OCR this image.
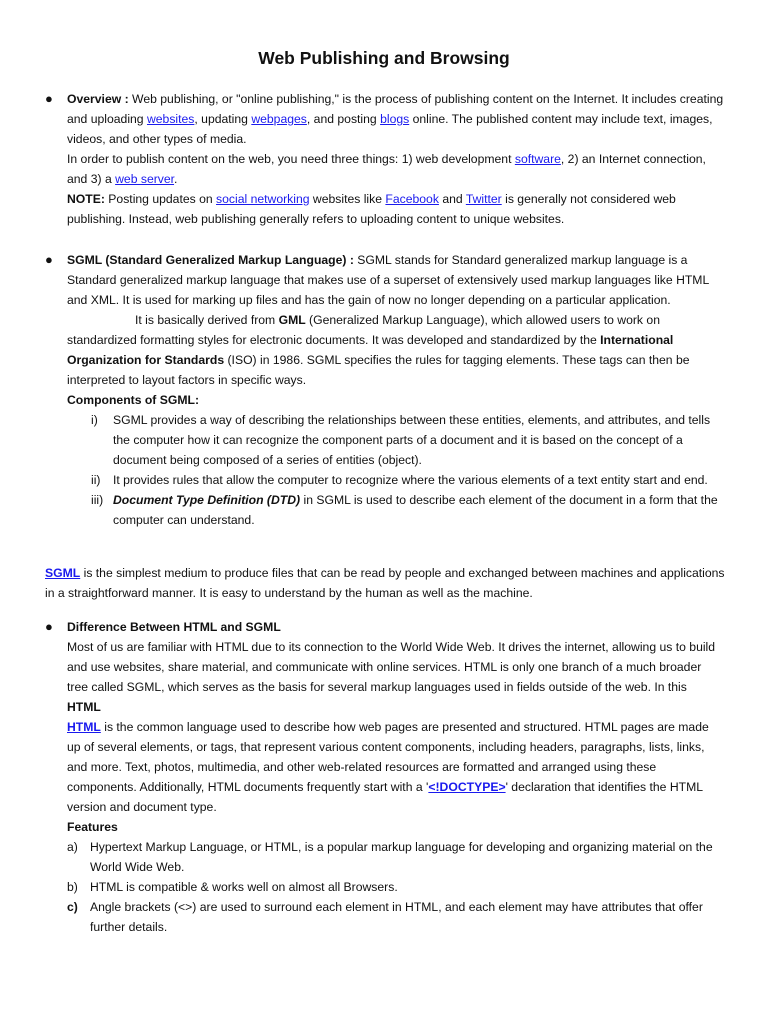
Web Publishing and Browsing
● Overview : Web publishing, or "online publishing," is the process of publishing content on the Internet. It includes creating and uploading websites, updating webpages, and posting blogs online. The published content may include text, images, videos, and other types of media.
In order to publish content on the web, you need three things: 1) web development software, 2) an Internet connection, and 3) a web server.
NOTE: Posting updates on social networking websites like Facebook and Twitter is generally not considered web publishing. Instead, web publishing generally refers to uploading content to unique websites.
● SGML (Standard Generalized Markup Language) : SGML stands for Standard generalized markup language is a Standard generalized markup language that makes use of a superset of extensively used markup languages like HTML and XML. It is used for marking up files and has the gain of now no longer depending on a particular application.
It is basically derived from GML (Generalized Markup Language), which allowed users to work on standardized formatting styles for electronic documents. It was developed and standardized by the International Organization for Standards (ISO) in 1986. SGML specifies the rules for tagging elements. These tags can then be interpreted to layout factors in specific ways.
Components of SGML:
i) SGML provides a way of describing the relationships between these entities, elements, and attributes, and tells the computer how it can recognize the component parts of a document and it is based on the concept of a document being composed of a series of entities (object).
ii) It provides rules that allow the computer to recognize where the various elements of a text entity start and end.
iii) Document Type Definition (DTD) in SGML is used to describe each element of the document in a form that the computer can understand.
SGML is the simplest medium to produce files that can be read by people and exchanged between machines and applications in a straightforward manner. It is easy to understand by the human as well as the machine.
● Difference Between HTML and SGML
Most of us are familiar with HTML due to its connection to the World Wide Web. It drives the internet, allowing us to build and use websites, share material, and communicate with online services. HTML is only one branch of a much broader tree called SGML, which serves as the basis for several markup languages used in fields outside of the web. In this
HTML
HTML is the common language used to describe how web pages are presented and structured. HTML pages are made up of several elements, or tags, that represent various content components, including headers, paragraphs, lists, links, and more. Text, photos, multimedia, and other web-related resources are formatted and arranged using these components. Additionally, HTML documents frequently start with a '<!DOCTYPE>' declaration that identifies the HTML version and document type.
Features
a) Hypertext Markup Language, or HTML, is a popular markup language for developing and organizing material on the World Wide Web.
b) HTML is compatible & works well on almost all Browsers.
c) Angle brackets (<>) are used to surround each element in HTML, and each element may have attributes that offer further details.
